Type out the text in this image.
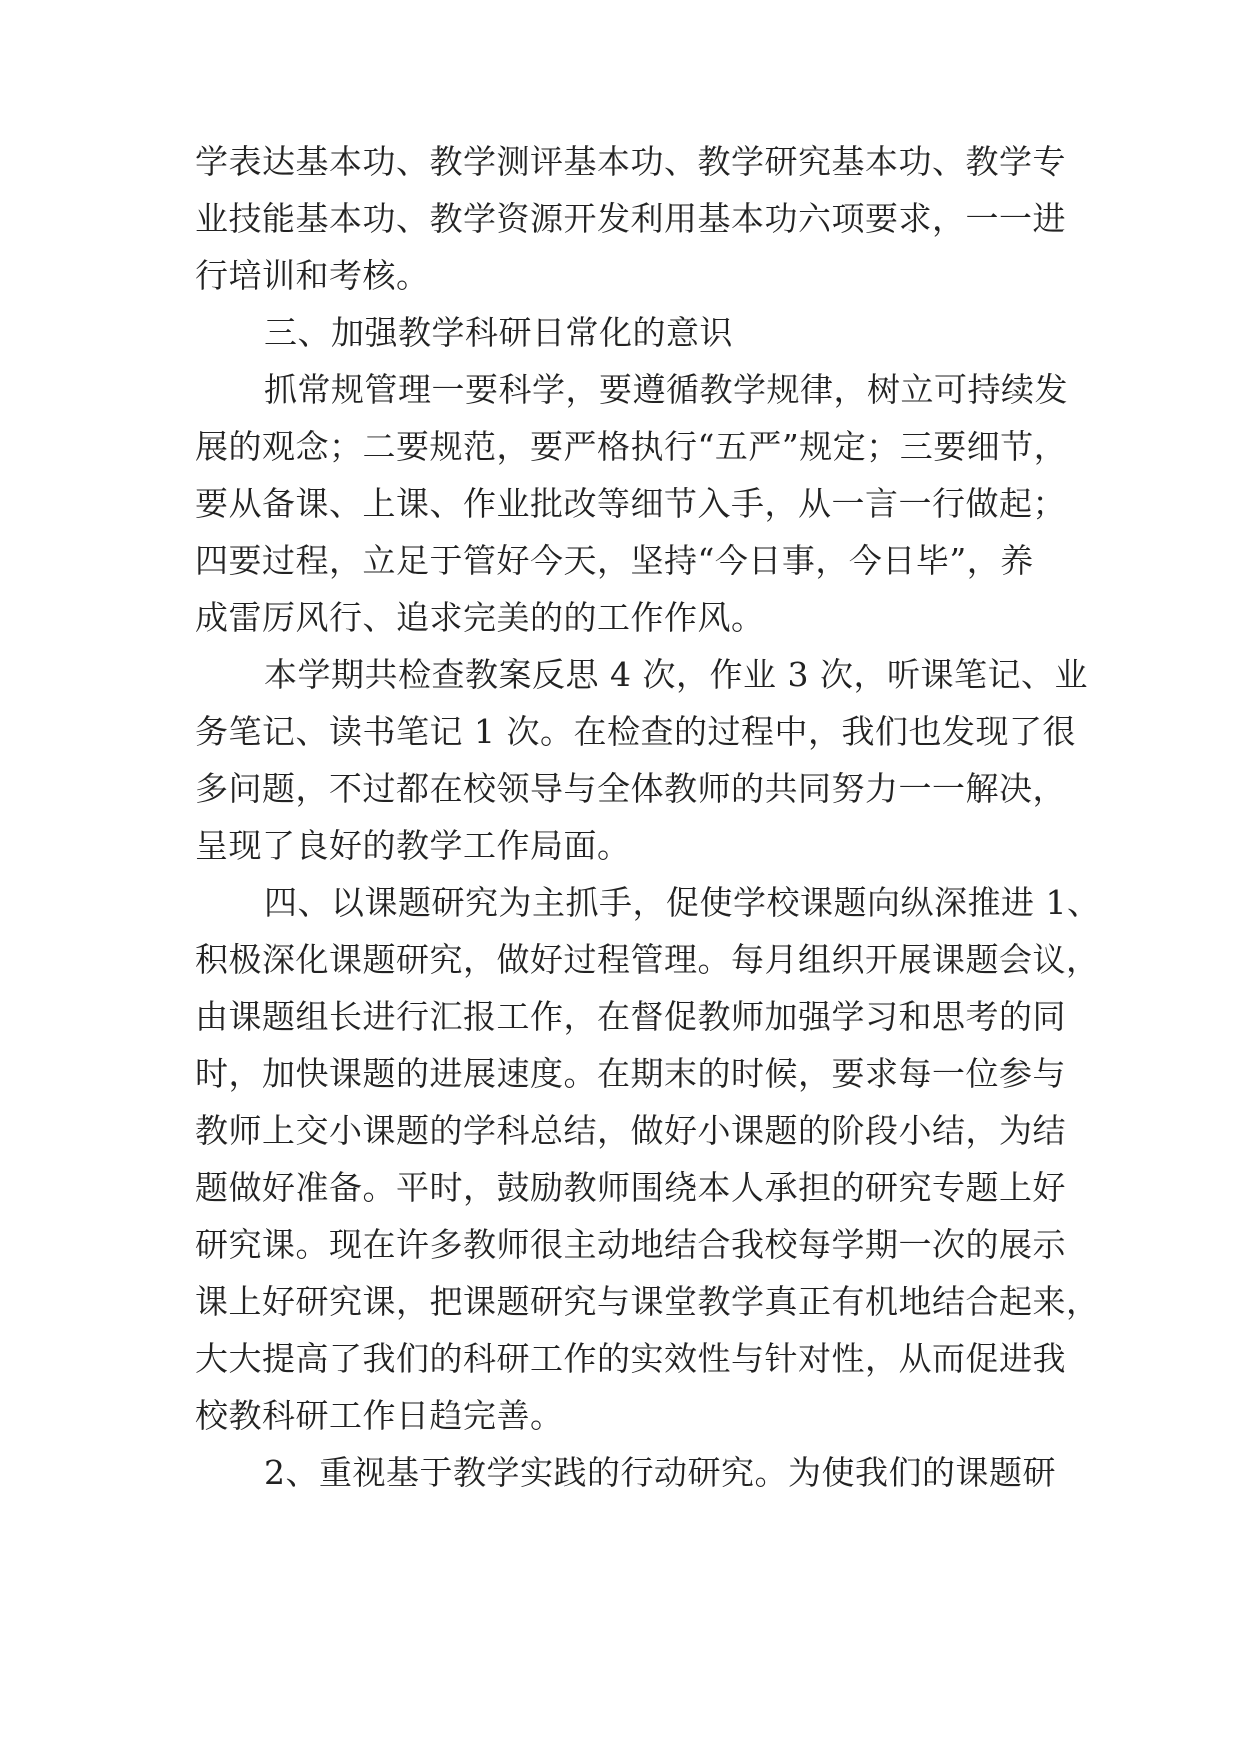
学表达基本功、教学测评基本功、教学研究基本功、教学专
业技能基本功、教学资源开发利用基本功六项要求，一一进
行培训和考核。
三、加强教学科研日常化的意识
抓常规管理一要科学，要遵循教学规律，树立可持续发
展的观念；二要规范，要严格执行“五严”规定；三要细节，
要从备课、上课、作业批改等细节入手，从一言一行做起；
四要过程，立足于管好今天，坚持“今日事，今日毕”，养
成雷厉风行、追求完美的的工作作风。
本学期共检查教案反思 4 次，作业 3 次，听课笔记、业
务笔记、读书笔记 1 次。在检查的过程中，我们也发现了很
多问题，不过都在校领导与全体教师的共同努力一一解决，
呈现了良好的教学工作局面。
四、以课题研究为主抓手，促使学校课题向纵深推进 1、
积极深化课题研究，做好过程管理。每月组织开展课题会议，
由课题组长进行汇报工作，在督促教师加强学习和思考的同
时，加快课题的进展速度。在期末的时候，要求每一位参与
教师上交小课题的学科总结，做好小课题的阶段小结，为结
题做好准备。平时，鼓励教师围绕本人承担的研究专题上好
研究课。现在许多教师很主动地结合我校每学期一次的展示
课上好研究课，把课题研究与课堂教学真正有机地结合起来，
大大提高了我们的科研工作的实效性与针对性，从而促进我
校教科研工作日趋完善。
2、重视基于教学实践的行动研究。为使我们的课题研
